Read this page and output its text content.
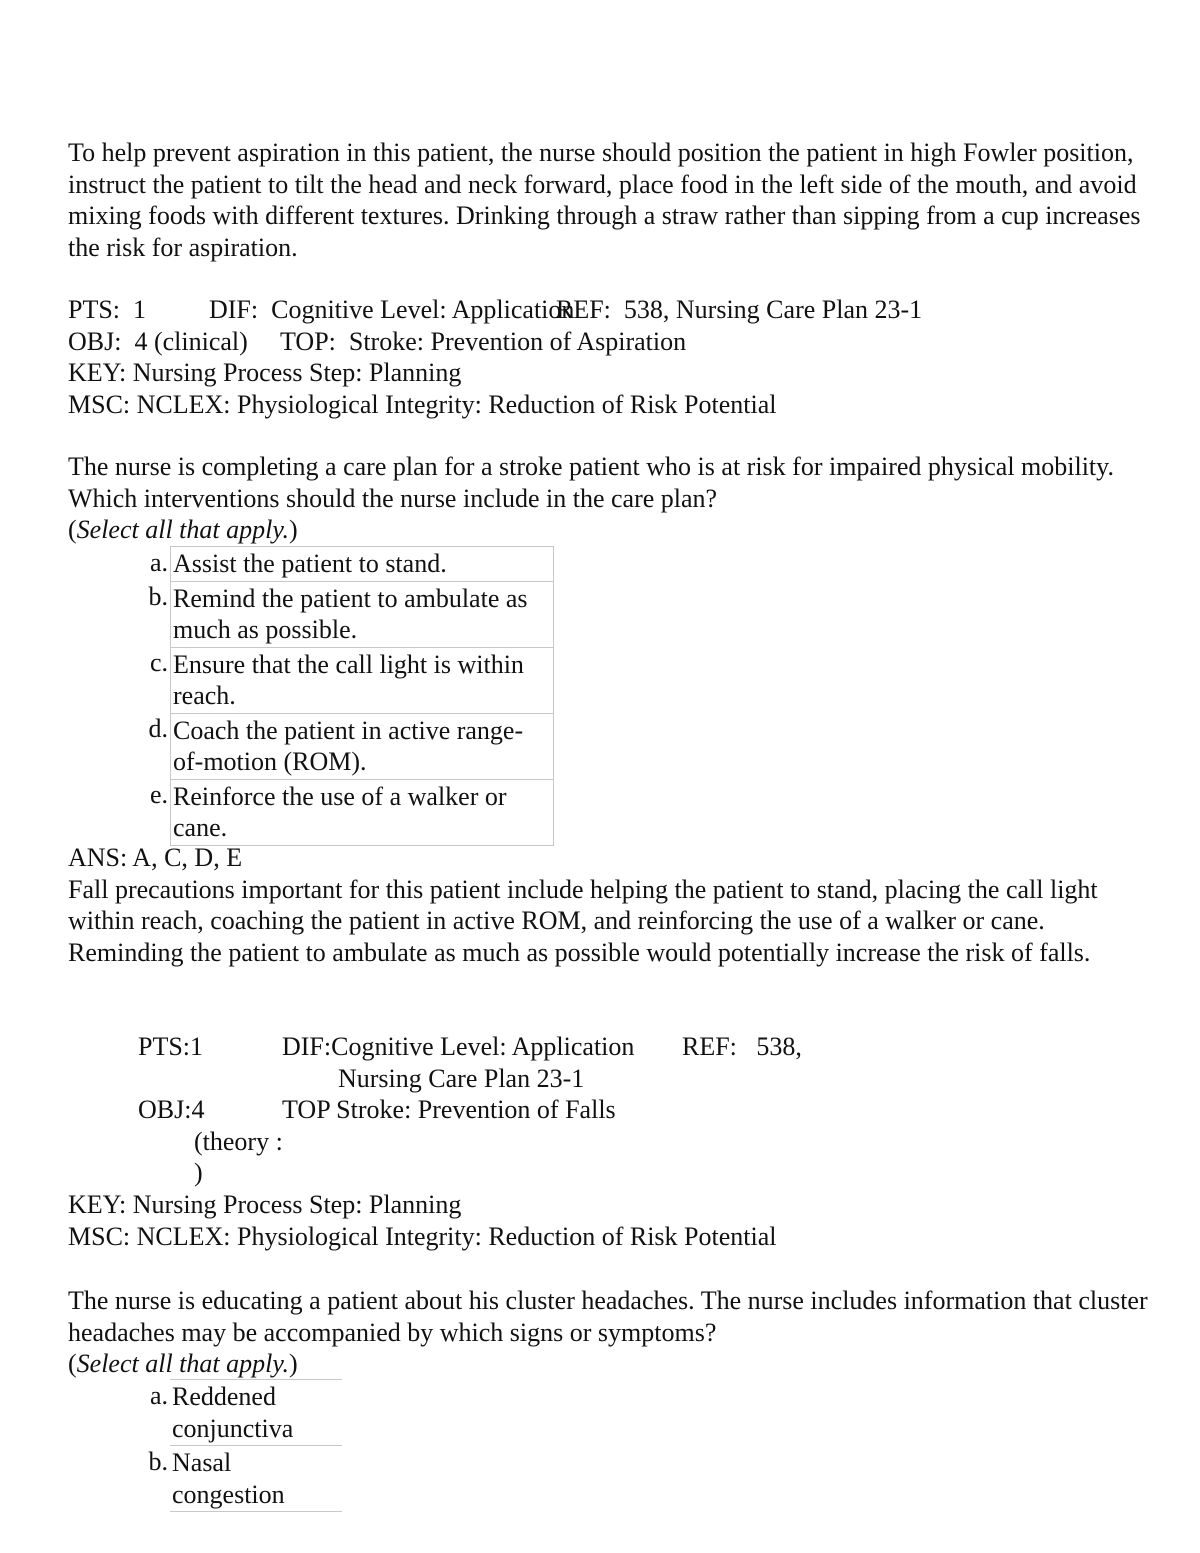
To help prevent aspiration in this patient, the nurse should position the patient in high Fowler position, instruct the patient to tilt the head and neck forward, place food in the left side of the mouth, and avoid mixing foods with different textures. Drinking through a straw rather than sipping from a cup increases the risk for aspiration.

PTS:  1 DIF:  Cognitive Level: ApplicationREF:  538, Nursing Care Plan 23-1
OBJ:  4 (clinical) TOP:  Stroke: Prevention of Aspiration
KEY: Nursing Process Step: Planning
MSC: NCLEX: Physiological Integrity: Reduction of Risk Potential

The nurse is completing a care plan for a stroke patient who is at risk for impaired physical mobility. Which interventions should the nurse include in the care plan?
(Select all that apply.)

a.	Assist the patient to stand.
b.	Remind the patient to ambulate as much as possible.
c.	Ensure that the call light is within reach.
d.	Coach the patient in active range-of-motion (ROM).
e.	Reinforce the use of a walker or cane.
ANS: A, C, D, E

Fall precautions important for this patient include helping the patient to stand, placing the call light within reach, coaching the patient in active ROM, and reinforcing the use of a walker or cane. Reminding the patient to ambulate as much as possible would potentially increase the risk of falls.

PTS:1	DIF:Cognitive Level: Application REF:   538,
Nursing Care Plan 23-1
OBJ:4	TOP Stroke: Prevention of Falls
(theory :
)
KEY: Nursing Process Step: Planning
MSC: NCLEX: Physiological Integrity: Reduction of Risk Potential

The nurse is educating a patient about his cluster headaches. The nurse includes information that cluster headaches may be accompanied by which signs or symptoms?
(Select all that apply.)

a.	Reddened conjunctiva
b.	Nasal congestion
